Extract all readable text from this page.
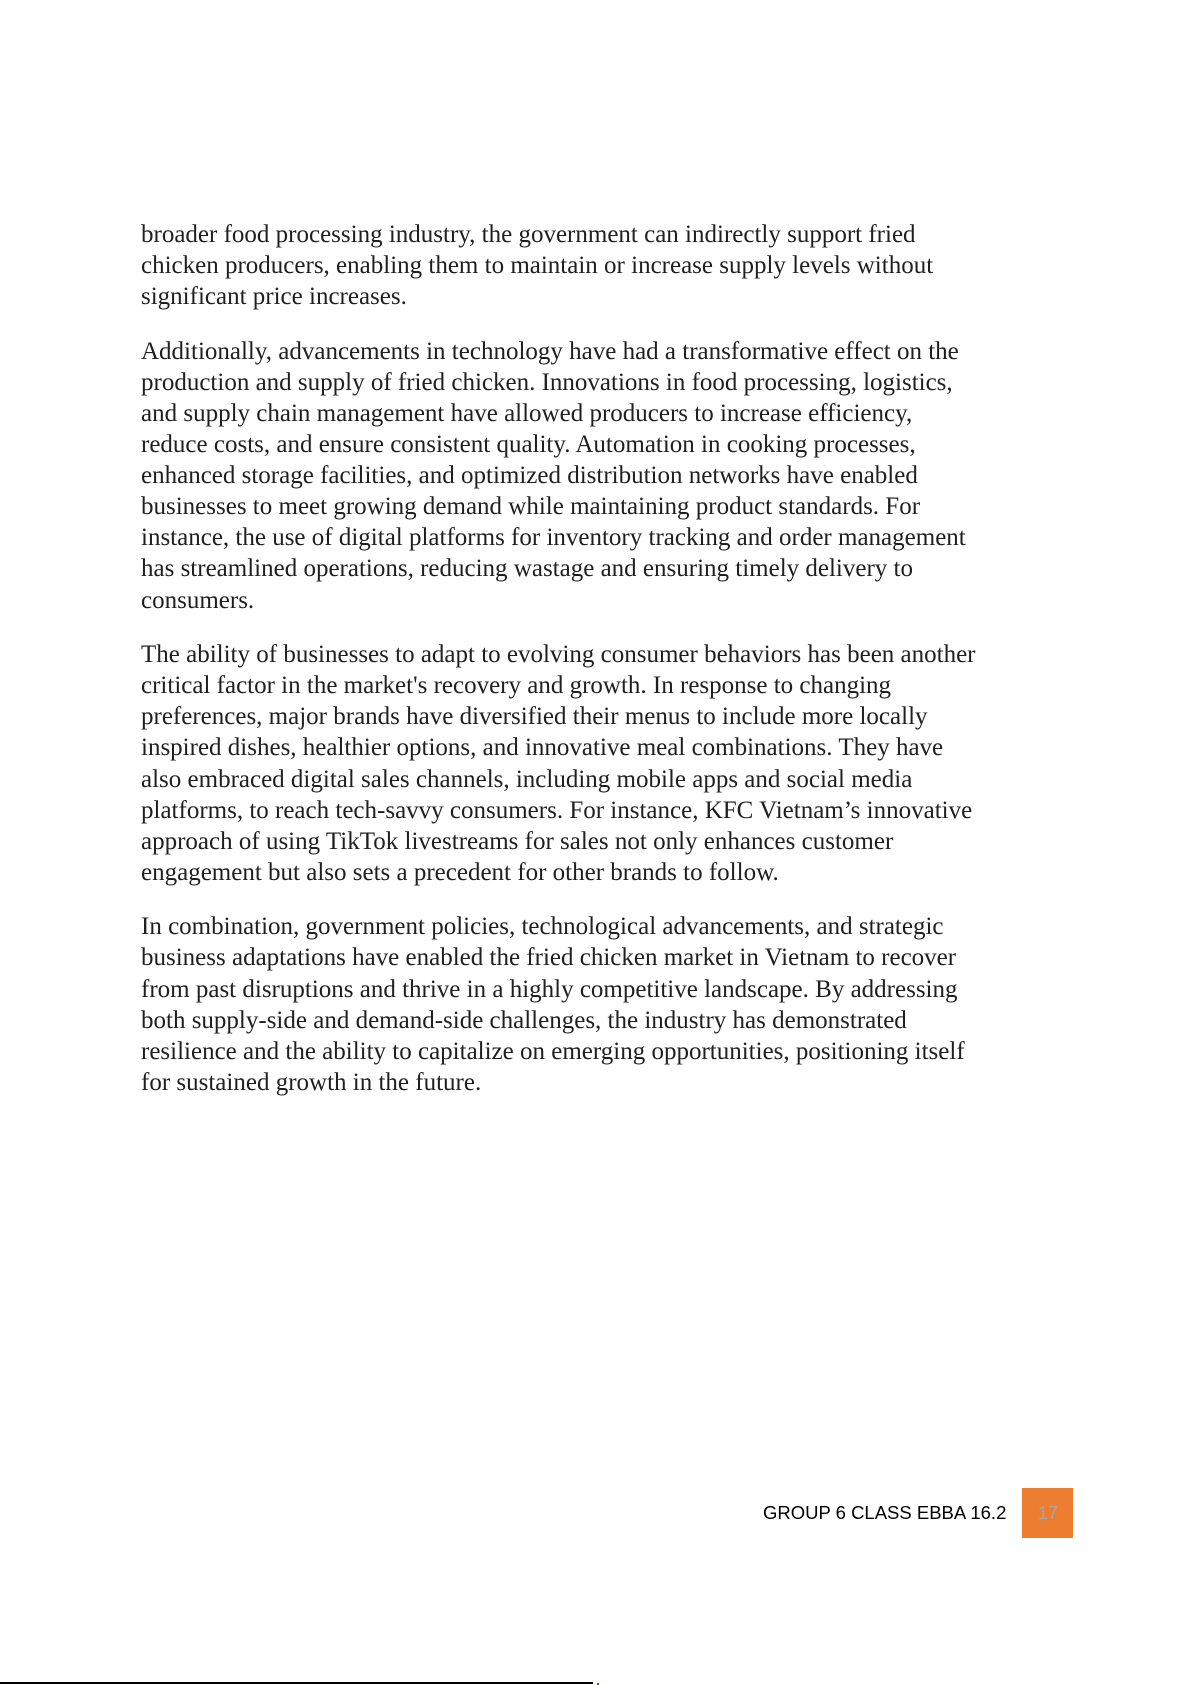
broader food processing industry, the government can indirectly support fried
chicken producers, enabling them to maintain or increase supply levels without
significant price increases.

Additionally, advancements in technology have had a transformative effect on the
production and supply of fried chicken. Innovations in food processing, logistics,
and supply chain management have allowed producers to increase efficiency,
reduce costs, and ensure consistent quality. Automation in cooking processes,
enhanced storage facilities, and optimized distribution networks have enabled
businesses to meet growing demand while maintaining product standards. For
instance, the use of digital platforms for inventory tracking and order management
has streamlined operations, reducing wastage and ensuring timely delivery to
consumers.

The ability of businesses to adapt to evolving consumer behaviors has been another
critical factor in the market's recovery and growth. In response to changing
preferences, major brands have diversified their menus to include more locally
inspired dishes, healthier options, and innovative meal combinations. They have
also embraced digital sales channels, including mobile apps and social media
platforms, to reach tech-savvy consumers. For instance, KFC Vietnam’s innovative
approach of using TikTok livestreams for sales not only enhances customer
engagement but also sets a precedent for other brands to follow.

In combination, government policies, technological advancements, and strategic
business adaptations have enabled the fried chicken market in Vietnam to recover
from past disruptions and thrive in a highly competitive landscape. By addressing
both supply-side and demand-side challenges, the industry has demonstrated
resilience and the ability to capitalize on emerging opportunities, positioning itself
for sustained growth in the future.

GROUP 6 CLASS EBBA 16.2 17
